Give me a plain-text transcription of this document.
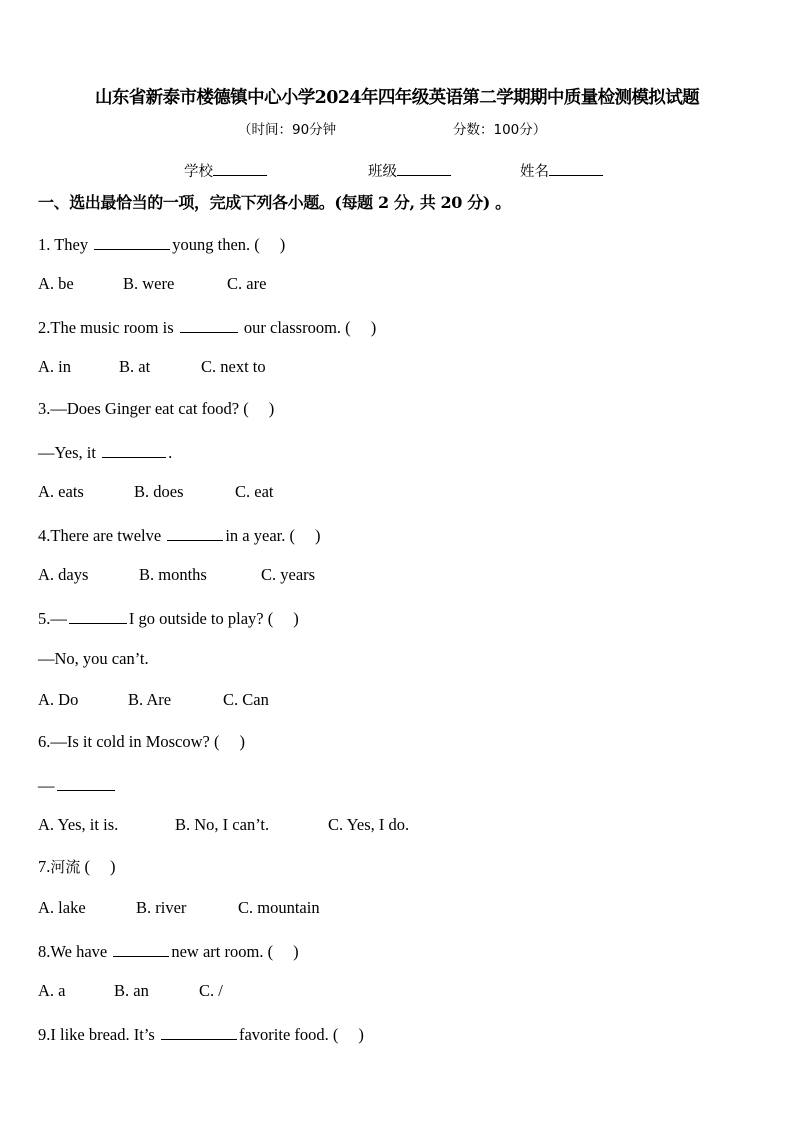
山东省新泰市楼德镇中心小学2024年四年级英语第二学期期中质量检测模拟试题
（时间：90分钟	分数：100分）
学校	班级	姓名
一、选出最恰当的一项，完成下列各小题。(每题 2 分, 共 20 分) 。
1. They	young then. ( )
A. be	B. were	C. are
2.The music room is	our classroom. ( )
A. in	B. at	C. next to
3.—Does Ginger eat cat food? ( )
—Yes, it	.
A. eats	B. does	C. eat
4.There are twelve	in a year. ( )
A. days	B. months	C. years
5.—	I go outside to play? ( )
—No, you can’t.
A. Do	B. Are	C. Can
6.—Is it cold in Moscow? ( )
—
A. Yes, it is.	B. No, I can’t.	C. Yes, I do.
7.河流 ( )
A. lake	B. river	C. mountain
8.We have	new art room. ( )
A. a	B. an	C. /
9.I like bread. It’s	favorite food. ( )
